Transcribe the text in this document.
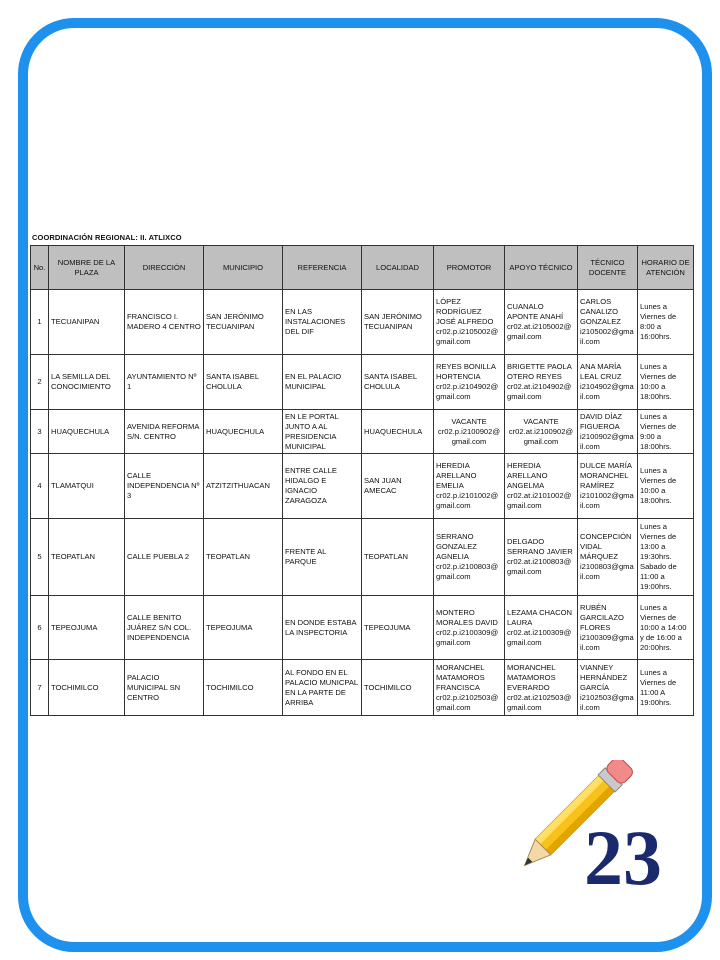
COORDINACIÓN REGIONAL: II. ATLIXCO
No.	NOMBRE DE LA PLAZA	DIRECCIÓN	MUNICIPIO	REFERENCIA	LOCALIDAD	PROMOTOR	APOYO TÉCNICO	TÉCNICO DOCENTE	HORARIO DE ATENCIÓN
1	TECUANIPAN	FRANCISCO I. MADERO 4 CENTRO	SAN JERÓNIMO TECUANIPAN	EN LAS INSTALACIONES DEL DIF	SAN JERÓNIMO TECUANIPAN	LÓPEZ RODRÍGUEZ JOSÉ ALFREDO cr02.p.i2105002@gmail.com	CUANALO APONTE ANAHÍ cr02.at.i2105002@gmail.com	CARLOS CANALIZO GONZALEZ i2105002@gmail.com	Lunes a Viernes de 8:00 a 16:00hrs.
2	LA SEMILLA DEL CONOCIMIENTO	AYUNTAMIENTO Nº 1	SANTA ISABEL CHOLULA	EN EL PALACIO MUNICIPAL	SANTA ISABEL CHOLULA	REYES BONILLA HORTENCIA cr02.p.i2104902@gmail.com	BRIGETTE PAOLA OTERO REYES cr02.at.i2104902@gmail.com	ANA MARÍA LEAL CRUZ i2104902@gmail.com	Lunes a Viernes de 10:00 a 18:00hrs.
3	HUAQUECHULA	AVENIDA REFORMA S/N. CENTRO	HUAQUECHULA	EN LE PORTAL JUNTO A AL PRESIDENCIA MUNICIPAL	HUAQUECHULA	VACANTE cr02.p.i2100902@gmail.com	VACANTE cr02.at.i2100902@gmail.com	DAVID DÍAZ FIGUEROA i2100902@gmail.com	Lunes a Viernes de 9:00 a 18:00hrs.
4	TLAMATQUI	CALLE INDEPENDENCIA Nº 3	ATZITZITHUACAN	ENTRE CALLE HIDALGO E IGNACIO ZARAGOZA	SAN JUAN AMECAC	HEREDIA ARELLANO EMELIA cr02.p.i2101002@gmail.com	HEREDIA ARELLANO ANGELMA cr02.at.i2101002@gmail.com	DULCE MARÍA MORANCHEL RAMÍREZ i2101002@gmail.com	Lunes a Viernes de 10:00 a 18:00hrs.
5	TEOPATLAN	CALLE PUEBLA 2	TEOPATLAN	FRENTE AL PARQUE	TEOPATLAN	SERRANO GONZALEZ AGNELIA cr02.p.i2100803@gmail.com	DELGADO SERRANO JAVIER cr02.at.i2100803@gmail.com	CONCEPCIÓN VIDAL MÁRQUEZ i2100803@gmail.com	Lunes a Viernes de 13:00 a 19:30hrs. Sabado de 11:00 a 19:00hrs.
6	TEPEOJUMA	CALLE BENITO JUÁREZ S/N COL. INDEPENDENCIA	TEPEOJUMA	EN DONDE ESTABA LA INSPECTORIA	TEPEOJUMA	MONTERO MORALES DAVID cr02.p.i2100309@gmail.com	LEZAMA CHACON LAURA cr02.at.i2100309@gmail.com	RUBÉN GARCILAZO FLORES i2100309@gmail.com	Lunes a Viernes de 10:00 a 14:00 y de 16:00 a 20:00hrs.
7	TOCHIMILCO	PALACIO MUNICIPAL SN CENTRO	TOCHIMILCO	AL FONDO EN EL PALACIO MUNICPAL EN LA PARTE DE ARRIBA	TOCHIMILCO	MORANCHEL MATAMOROS FRANCISCA cr02.p.i2102503@gmail.com	MORANCHEL MATAMOROS EVERARDO cr02.at.i2102503@gmail.com	VIANNEY HERNÁNDEZ GARCÍA i2102503@gmail.com	Lunes a Viernes de 11:00 A 19:00hrs.
23
